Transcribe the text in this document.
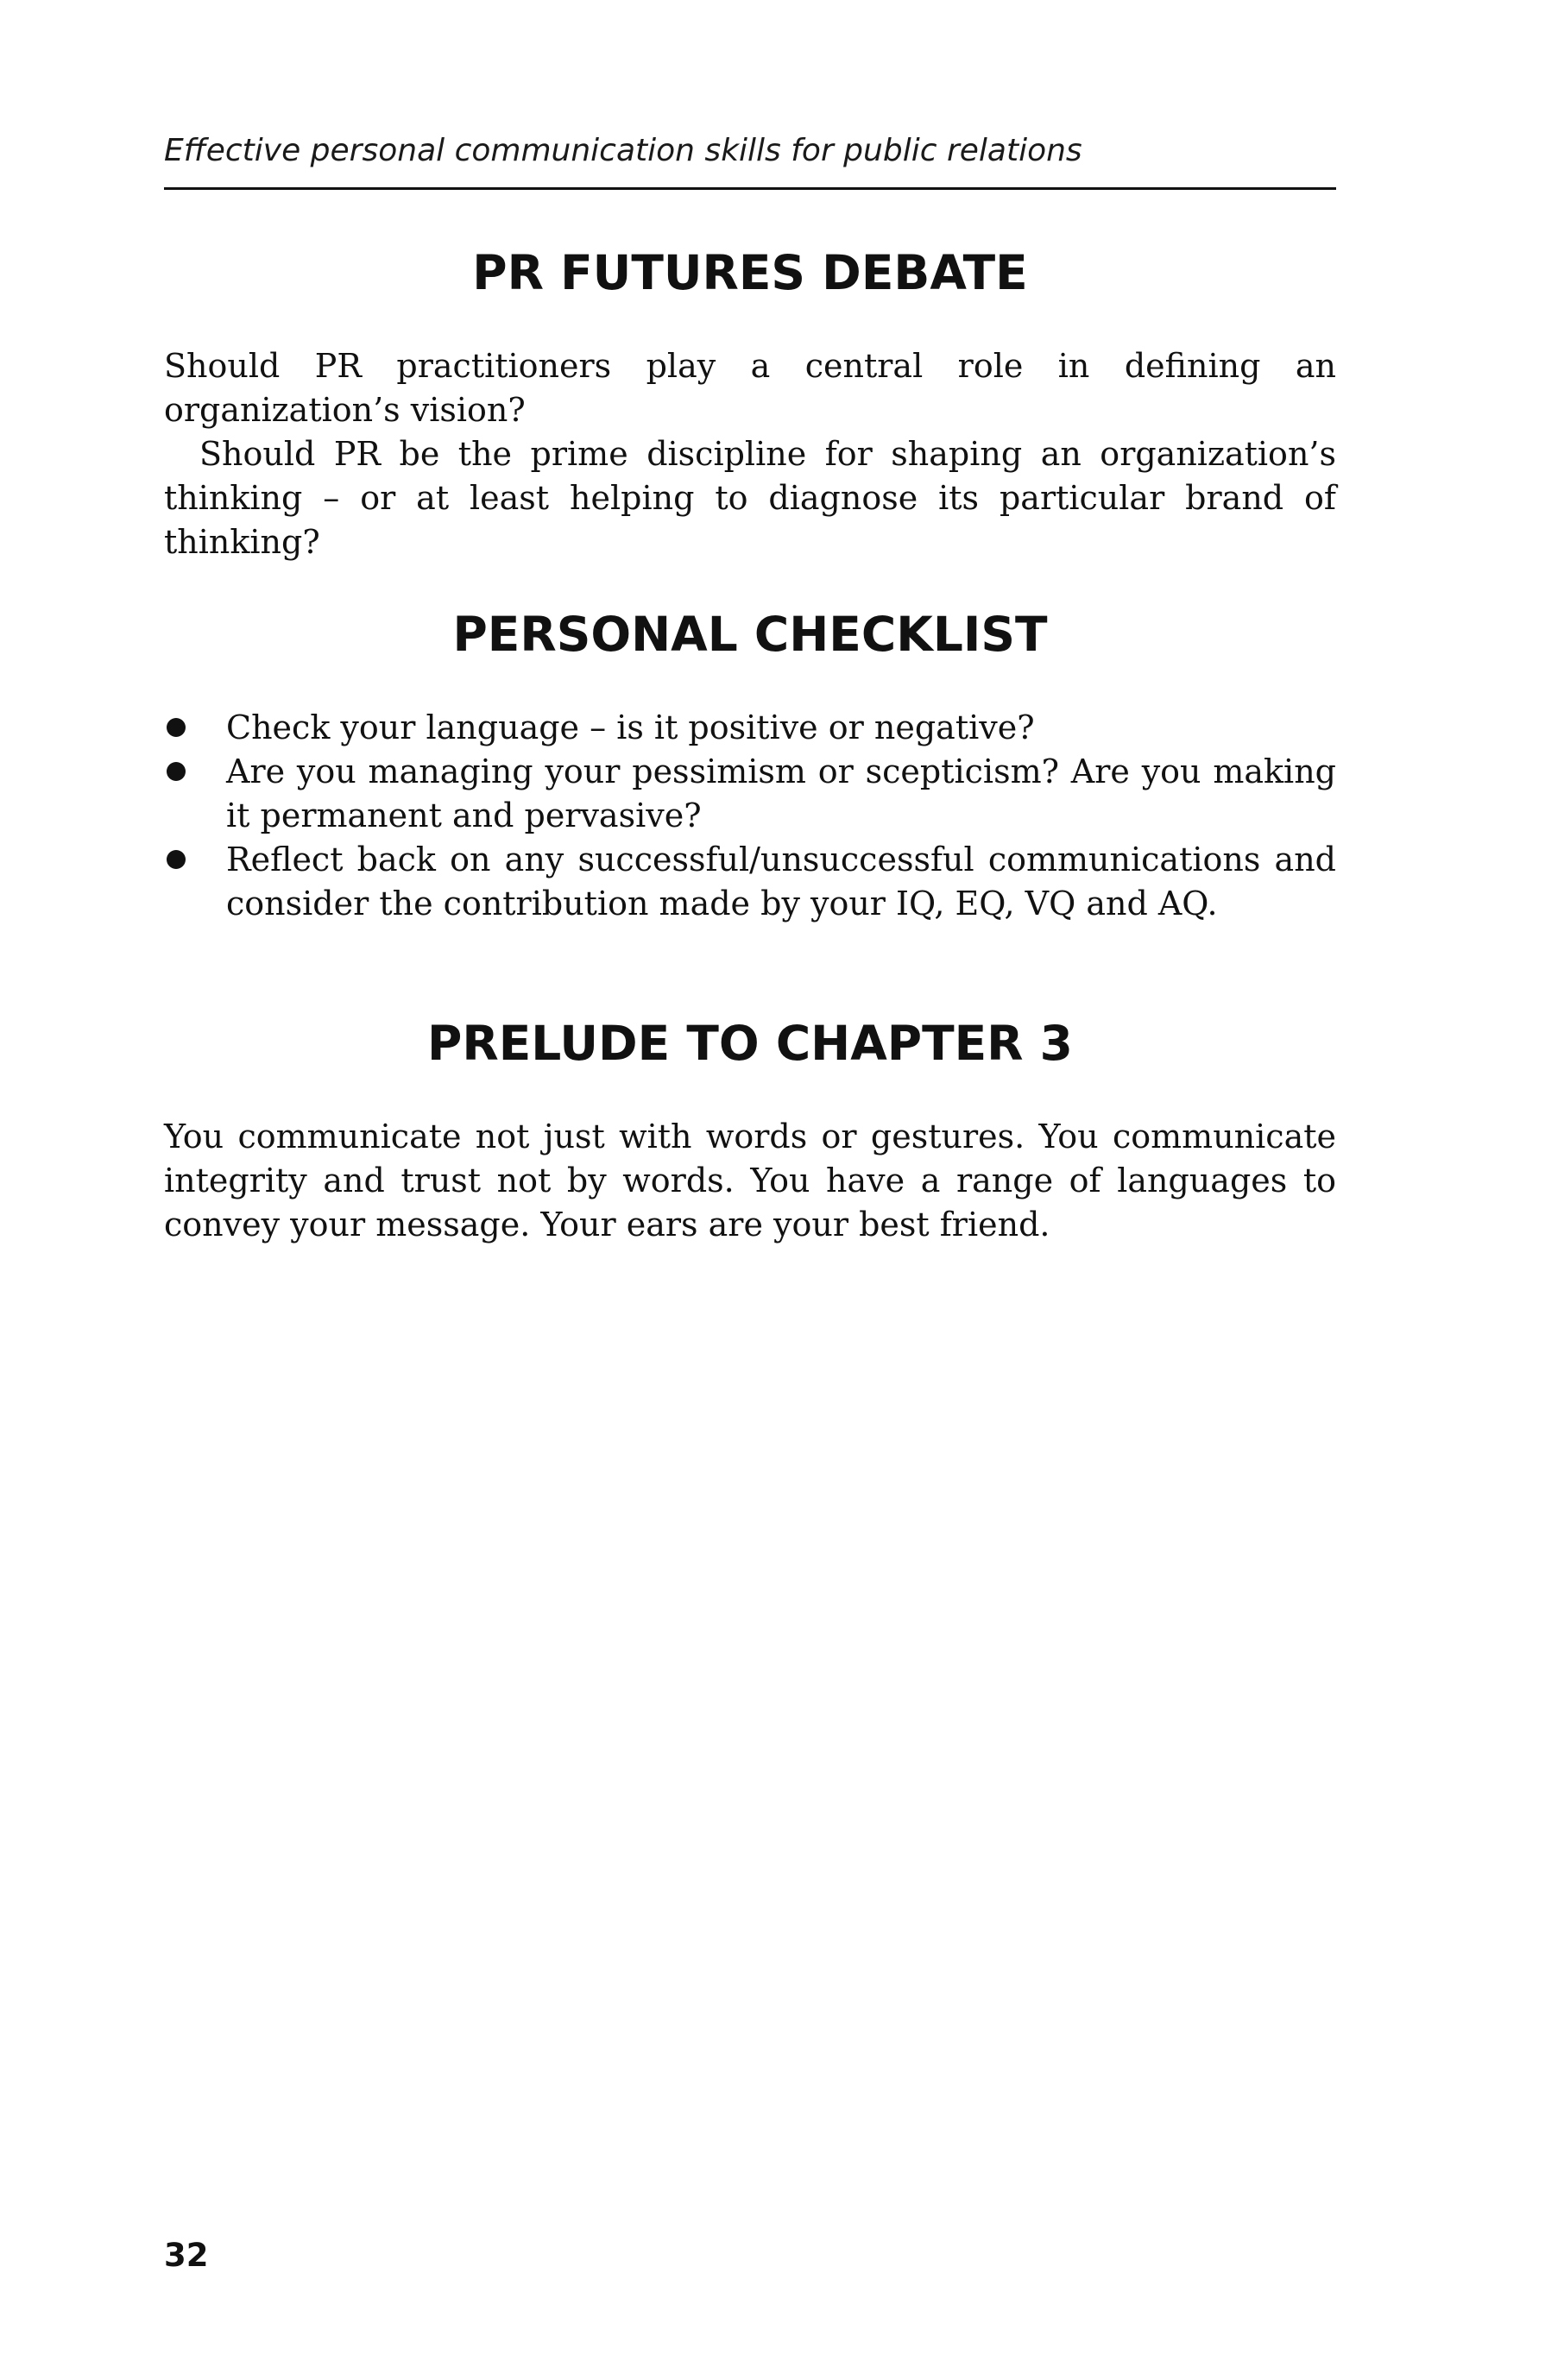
Effective personal communication skills for public relations
PR FUTURES DEBATE

Should PR practitioners play a central role in defining an organization’s vision?

Should PR be the prime discipline for shaping an organization’s thinking – or at least helping to diagnose its particular brand of thinking?

PERSONAL CHECKLIST
Check your language – is it positive or negative?
Are you managing your pessimism or scepticism? Are you making it permanent and pervasive?
Reflect back on any successful/unsuccessful communications and consider the contribution made by your IQ, EQ, VQ and AQ.
PRELUDE TO CHAPTER 3

You communicate not just with words or gestures. You communicate integrity and trust not by words. You have a range of languages to convey your message. Your ears are your best friend.

32
